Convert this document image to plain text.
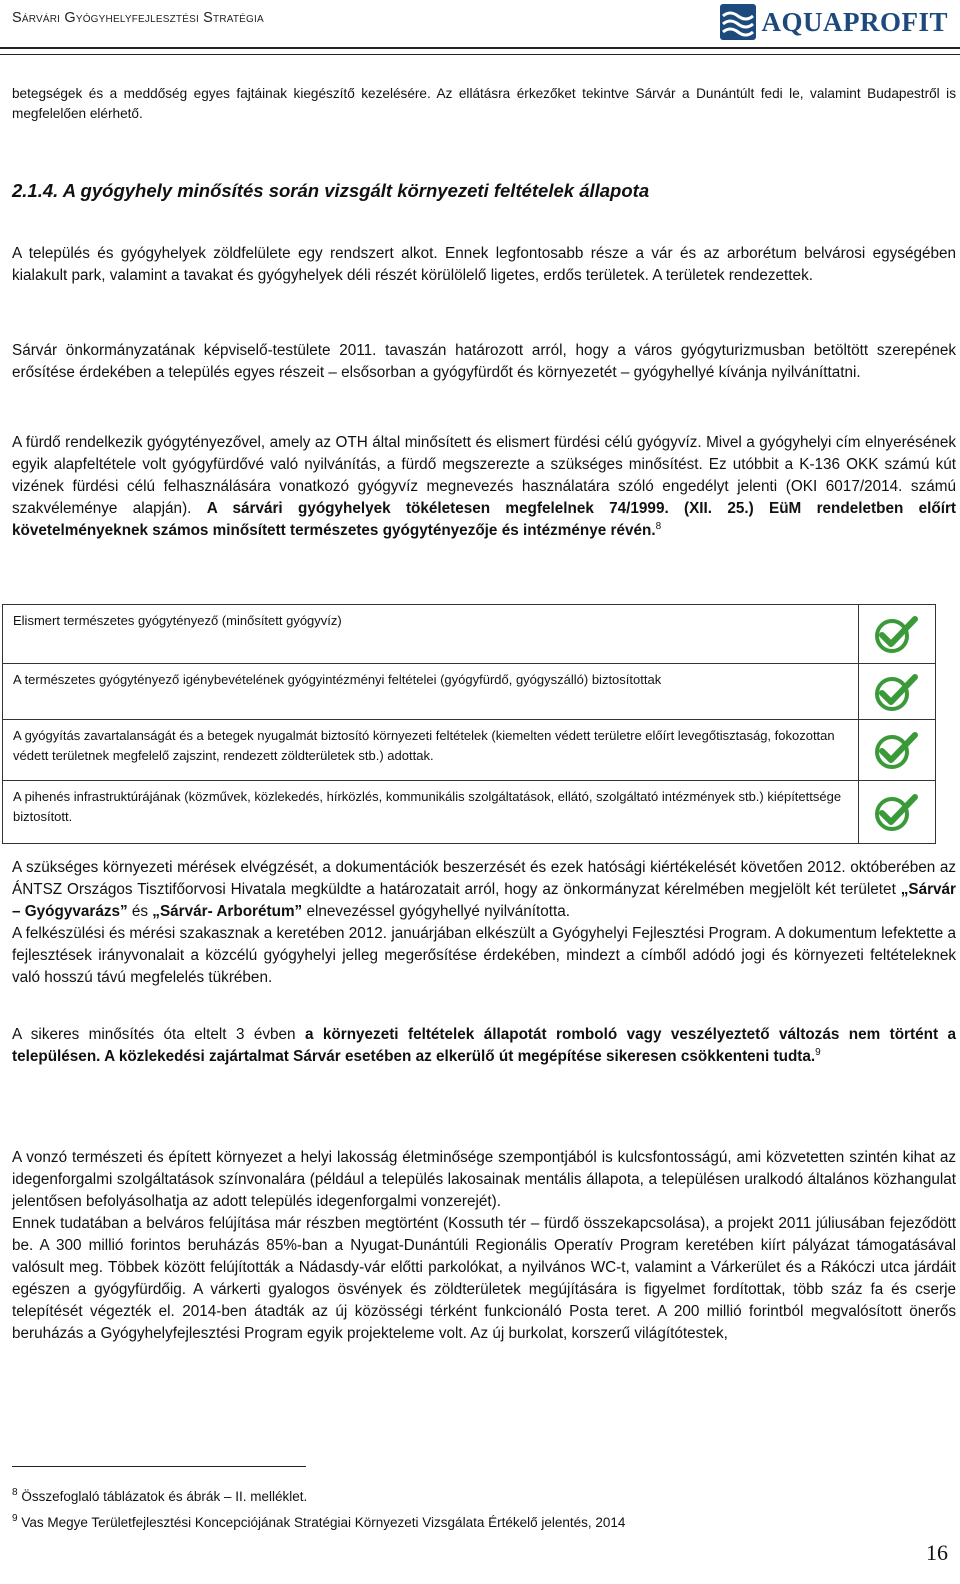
Sárvári Gyógyhelyfejlesztési Stratégia	AQUAPROFIT

betegségek és a meddőség egyes fajtáinak kiegészítő kezelésére. Az ellátásra érkezőket tekintve Sárvár a Dunántúlt fedi le, valamint Budapestről is megfelelően elérhető.

2.1.4. A gyógyhely minősítés során vizsgált környezeti feltételek állapota

A település és gyógyhelyek zöldfelülete egy rendszert alkot. Ennek legfontosabb része a vár és az arborétum belvárosi egységében kialakult park, valamint a tavakat és gyógyhelyek déli részét körülölelő ligetes, erdős területek. A területek rendezettek.

Sárvár önkormányzatának képviselő-testülete 2011. tavaszán határozott arról, hogy a város gyógyturizmusban betöltött szerepének erősítése érdekében a település egyes részeit – elsősorban a gyógyfürdőt és környezetét – gyógyhellyé kívánja nyilváníttatni.

A fürdő rendelkezik gyógytényezővel, amely az OTH által minősített és elismert fürdési célú gyógyvíz. Mivel a gyógyhelyi cím elnyerésének egyik alapfeltétele volt gyógyfürdővé való nyilvánítás, a fürdő megszerezte a szükséges minősítést. Ez utóbbit a K-136 OKK számú kút vizének fürdési célú felhasználására vonatkozó gyógyvíz megnevezés használatára szóló engedélyt jelenti (OKI 6017/2014. számú szakvéleménye alapján). A sárvári gyógyhelyek tökéletesen megfelelnek 74/1999. (XII. 25.) EüM rendeletben előírt követelményeknek számos minősített természetes gyógytényezője és intézménye révén.$^8$

Elismert természetes gyógytényező (minősített gyógyvíz)
A természetes gyógytényező igénybevételének gyógyintézményi feltételei (gyógyfürdő, gyógyszálló) biztosítottak
A gyógyítás zavartalanságát és a betegek nyugalmát biztosító környezeti feltételek (kiemelten védett területre előírt levegőtisztaság, fokozottan védett területnek megfelelő zajszint, rendezett zöldterületek stb.) adottak.
A pihenés infrastruktúrájának (közművek, közlekedés, hírközlés, kommunikális szolgáltatások, ellátó, szolgáltató intézmények stb.) kiépítettsége biztosított.

A szükséges környezeti mérések elvégzését, a dokumentációk beszerzését és ezek hatósági kiértékelését követően 2012. októberében az ÁNTSZ Országos Tisztifőorvosi Hivatala megküldte a határozatait arról, hogy az önkormányzat kérelmében megjelölt két területet „Sárvár – Gyógyvarázs” és „Sárvár- Arborétum” elnevezéssel gyógyhellyé nyilvánította.
A felkészülési és mérési szakasznak a keretében 2012. januárjában elkészült a Gyógyhelyi Fejlesztési Program. A dokumentum lefektette a fejlesztések irányvonalait a közcélú gyógyhelyi jelleg megerősítése érdekében, mindezt a címből adódó jogi és környezeti feltételeknek való hosszú távú megfelelés tükrében.

A sikeres minősítés óta eltelt 3 évben a környezeti feltételek állapotát romboló vagy veszélyeztető változás nem történt a településen. A közlekedési zajártalmat Sárvár esetében az elkerülő út megépítése sikeresen csökkenteni tudta.$^9$

A vonzó természeti és épített környezet a helyi lakosság életminősége szempontjából is kulcsfontosságú, ami közvetetten szintén kihat az idegenforgalmi szolgáltatások színvonalára (például a település lakosainak mentális állapota, a településen uralkodó általános közhangulat jelentősen befolyásolhatja az adott település idegenforgalmi vonzerejét).
Ennek tudatában a belváros felújítása már részben megtörtént (Kossuth tér – fürdő összekapcsolása), a projekt 2011 júliusában fejeződött be. A 300 millió forintos beruházás 85%-ban a Nyugat-Dunántúli Regionális Operatív Program keretében kiírt pályázat támogatásával valósult meg. Többek között felújították a Nádasdy-vár előtti parkolókat, a nyilvános WC-t, valamint a Várkerület és a Rákóczi utca járdáit egészen a gyógyfürdőig. A várkerti gyalogos ösvények és zöldterületek megújítására is figyelmet fordítottak, több száz fa és cserje telepítését végezték el. 2014-ben átadták az új közösségi térként funkcionáló Posta teret. A 200 millió forintból megvalósított önerős beruházás a Gyógyhelyfejlesztési Program egyik projekteleme volt. Az új burkolat, korszerű világítótestek,

$^8$ Összefoglaló táblázatok és ábrák – II. melléklet.
$^9$ Vas Megye Területfejlesztési Koncepciójának Stratégiai Környezeti Vizsgálata Értékelő jelentés, 2014
16
